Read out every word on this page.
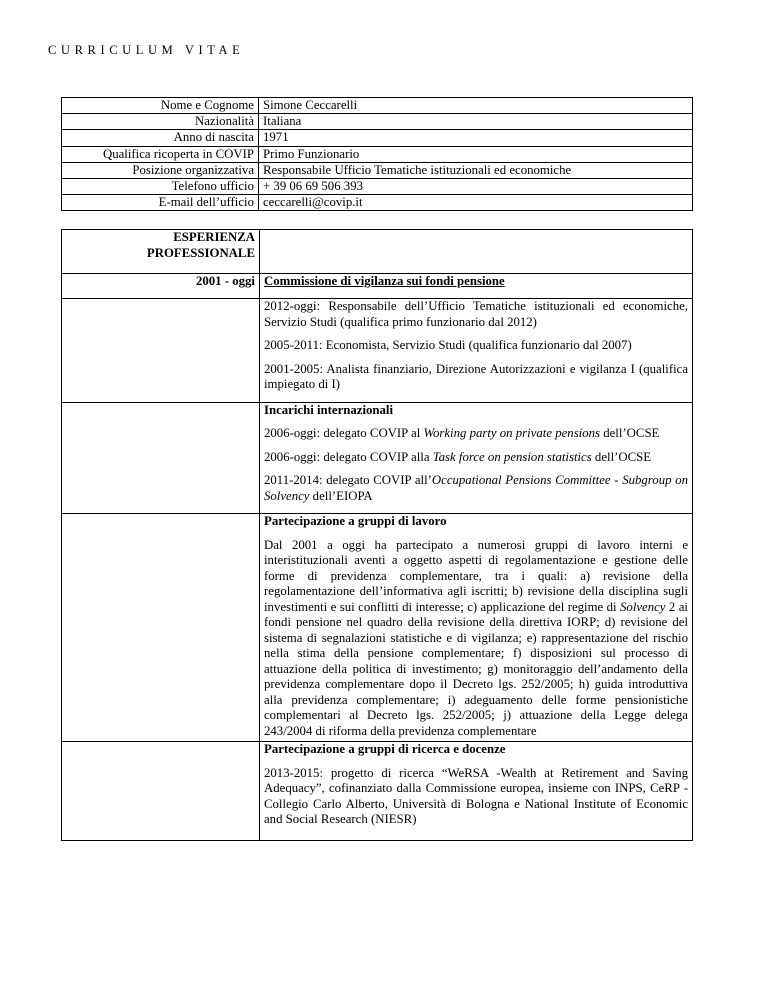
CURRICULUM VITAE
Nome e Cognome	Simone Ceccarelli
Nazionalità	Italiana
Anno di nascita	1971
Qualifica ricoperta in COVIP	Primo Funzionario
Posizione organizzativa	Responsabile Ufficio Tematiche istituzionali ed economiche
Telefono ufficio	+ 39 06 69 506 393
E-mail dell’ufficio	ceccarelli@covip.it
ESPERIENZA
PROFESSIONALE	

2001 - oggi	Commissione di vigilanza sui fondi pensione

	2012-oggi: Responsabile dell’Ufficio Tematiche istituzionali ed economiche, Servizio Studi (qualifica primo funzionario dal 2012)

2005-2011: Economista, Servizio Studi (qualifica funzionario dal 2007)

2001-2005: Analista finanziario, Direzione Autorizzazioni e vigilanza I (qualifica impiegato di I)

	Incarichi internazionali

2006-oggi: delegato COVIP al Working party on private pensions dell’OCSE

2006-oggi: delegato COVIP alla Task force on pension statistics dell’OCSE

2011-2014: delegato COVIP all’Occupational Pensions Committee - Subgroup on Solvency dell’EIOPA

	Partecipazione a gruppi di lavoro

Dal 2001 a oggi ha partecipato a numerosi gruppi di lavoro interni e interistituzionali aventi a oggetto aspetti di regolamentazione e gestione delle forme di previdenza complementare, tra i quali: a) revisione della regolamentazione dell’informativa agli iscritti; b) revisione della disciplina sugli investimenti e sui conflitti di interesse; c) applicazione del regime di Solvency 2 ai fondi pensione nel quadro della revisione della direttiva IORP; d) revisione del sistema di segnalazioni statistiche e di vigilanza; e) rappresentazione del rischio nella stima della pensione complementare; f) disposizioni sul processo di attuazione della politica di investimento; g) monitoraggio dell’andamento della previdenza complementare dopo il Decreto lgs. 252/2005; h) guida introduttiva alla previdenza complementare; i) adeguamento delle forme pensionistiche complementari al Decreto lgs. 252/2005; j) attuazione della Legge delega 243/2004 di riforma della previdenza complementare

	Partecipazione a gruppi di ricerca e docenze

2013-2015: progetto di ricerca “WeRSA -Wealth at Retirement and Saving Adequacy”, cofinanziato dalla Commissione europea, insieme con INPS, CeRP - Collegio Carlo Alberto, Università di Bologna e National Institute of Economic and Social Research (NIESR)
